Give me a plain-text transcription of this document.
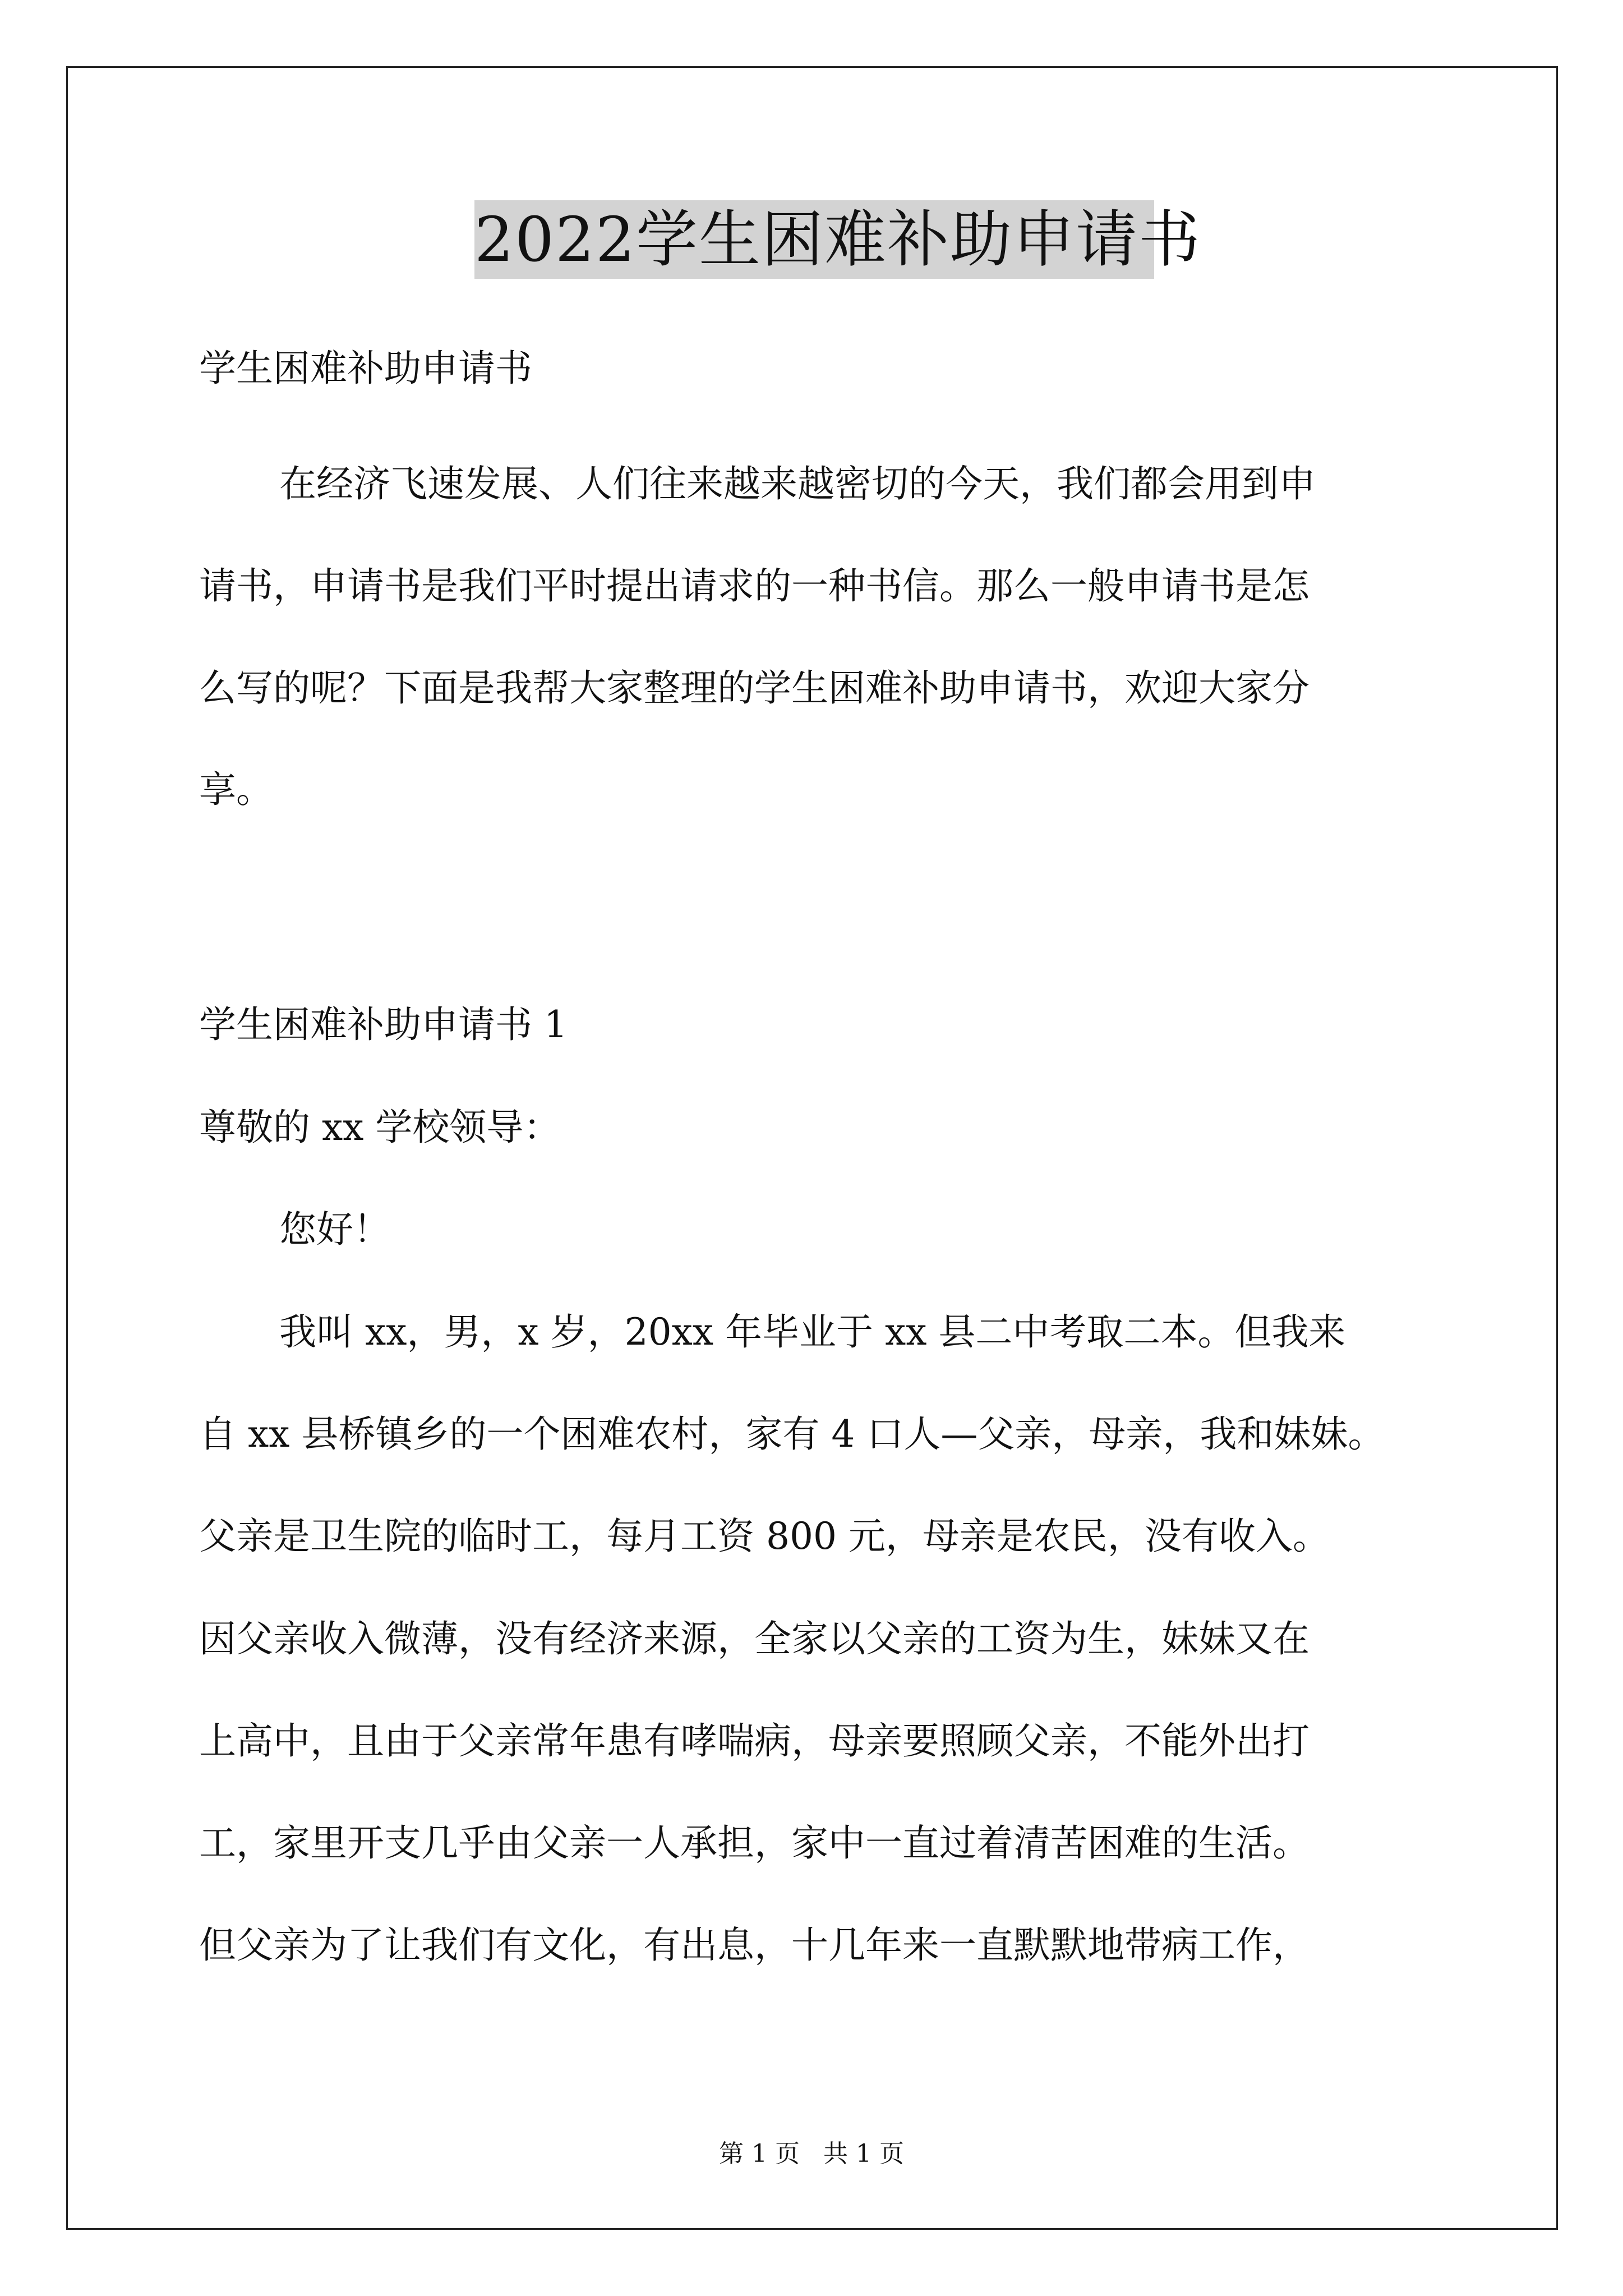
2022学生困难补助申请书
学生困难补助申请书
在经济飞速发展、人们往来越来越密切的今天，我们都会用到申
请书，申请书是我们平时提出请求的一种书信。那么一般申请书是怎
么写的呢？下面是我帮大家整理的学生困难补助申请书，欢迎大家分
享。
学生困难补助申请书 1
尊敬的 xx 学校领导：
您好！
我叫 xx，男，x 岁，20xx 年毕业于 xx 县二中考取二本。但我来
自 xx 县桥镇乡的一个困难农村，家有 4 口人—父亲，母亲，我和妹妹。
父亲是卫生院的临时工，每月工资 800 元，母亲是农民，没有收入。
因父亲收入微薄，没有经济来源，全家以父亲的工资为生，妹妹又在
上高中，且由于父亲常年患有哮喘病，母亲要照顾父亲，不能外出打
工，家里开支几乎由父亲一人承担，家中一直过着清苦困难的生活。
但父亲为了让我们有文化，有出息，十几年来一直默默地带病工作，
第 1 页   共 1 页
